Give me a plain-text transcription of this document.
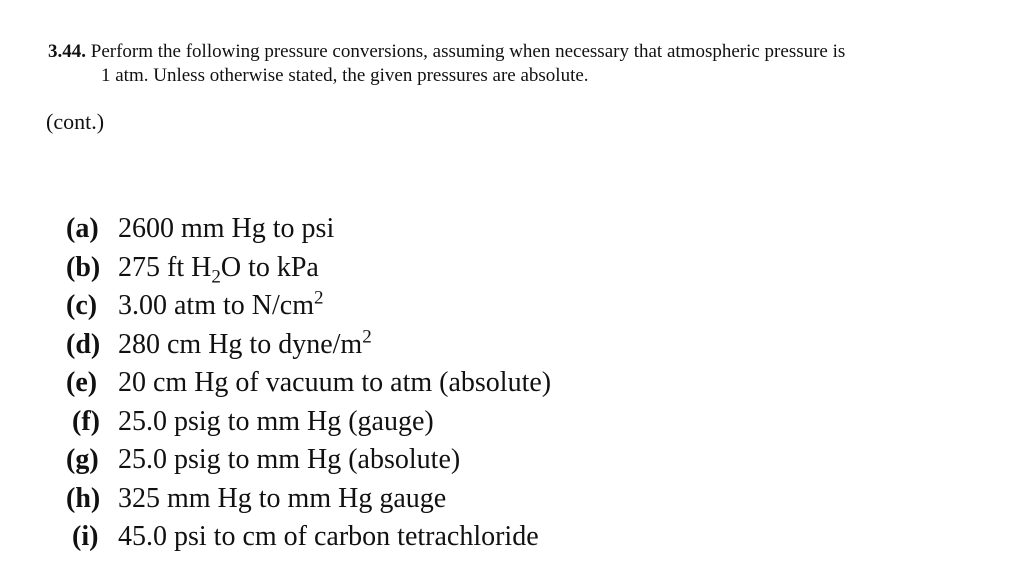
3.44. Perform the following pressure conversions, assuming when necessary that atmospheric pressure is
1 atm. Unless otherwise stated, the given pressures are absolute.
(cont.)
(a) 2600 mm Hg to psi
(b) 275 ft $H_2O$ to kPa
(c) 3.00 atm to $N/cm^2$
(d) 280 cm Hg to dyne/$m^2$
(e) 20 cm Hg of vacuum to atm (absolute)
(f) 25.0 psig to mm Hg (gauge)
(g) 25.0 psig to mm Hg (absolute)
(h) 325 mm Hg to mm Hg gauge
(i) 45.0 psi to cm of carbon tetrachloride
